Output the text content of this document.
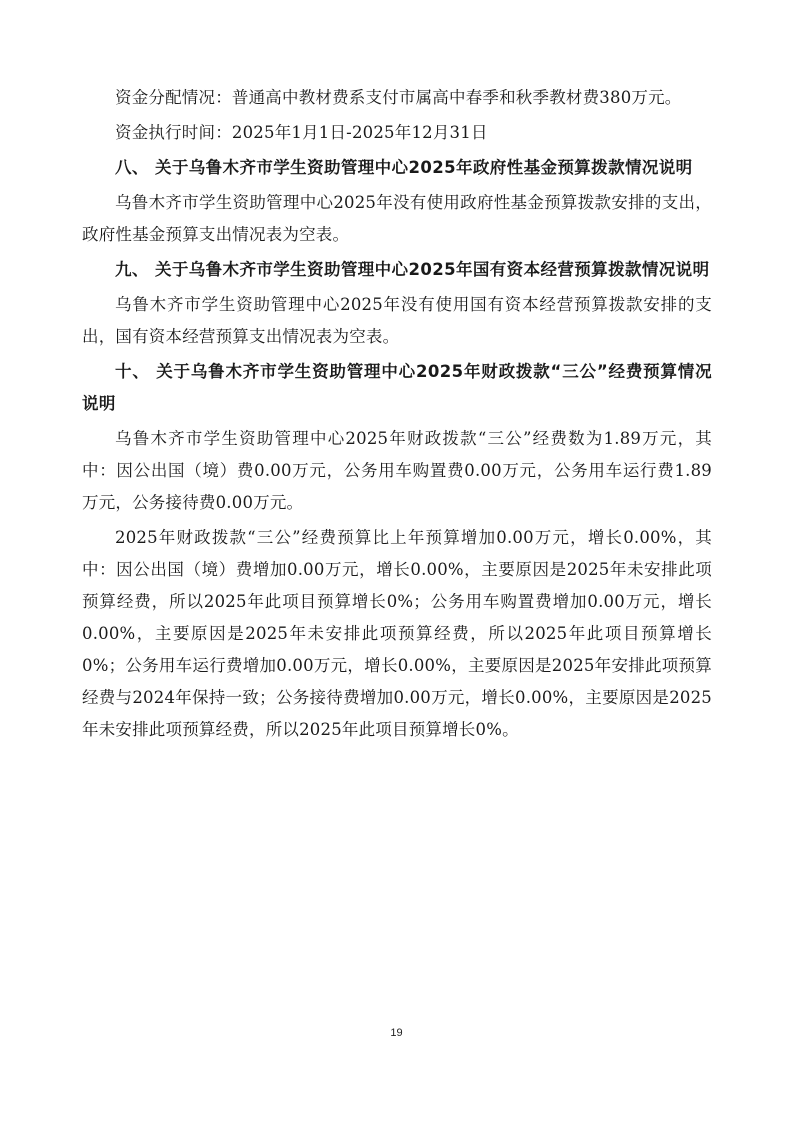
资金分配情况：普通高中教材费系支付市属高中春季和秋季教材费380万元。

资金执行时间：2025年1月1日-2025年12月31日

八、 关于乌鲁木齐市学生资助管理中心2025年政府性基金预算拨款情况说明

乌鲁木齐市学生资助管理中心2025年没有使用政府性基金预算拨款安排的支出，政府性基金预算支出情况表为空表。

九、 关于乌鲁木齐市学生资助管理中心2025年国有资本经营预算拨款情况说明

乌鲁木齐市学生资助管理中心2025年没有使用国有资本经营预算拨款安排的支出，国有资本经营预算支出情况表为空表。

十、 关于乌鲁木齐市学生资助管理中心2025年财政拨款“三公”经费预算情况说明

乌鲁木齐市学生资助管理中心2025年财政拨款“三公”经费数为1.89万元，其中：因公出国（境）费0.00万元，公务用车购置费0.00万元，公务用车运行费1.89万元，公务接待费0.00万元。

2025年财政拨款“三公”经费预算比上年预算增加0.00万元，增长0.00%，其中：因公出国（境）费增加0.00万元，增长0.00%，主要原因是2025年未安排此项预算经费，所以2025年此项目预算增长0%；公务用车购置费增加0.00万元，增长0.00%，主要原因是2025年未安排此项预算经费，所以2025年此项目预算增长0%；公务用车运行费增加0.00万元，增长0.00%，主要原因是2025年安排此项预算经费与2024年保持一致；公务接待费增加0.00万元，增长0.00%，主要原因是2025年未安排此项预算经费，所以2025年此项目预算增长0%。

19
